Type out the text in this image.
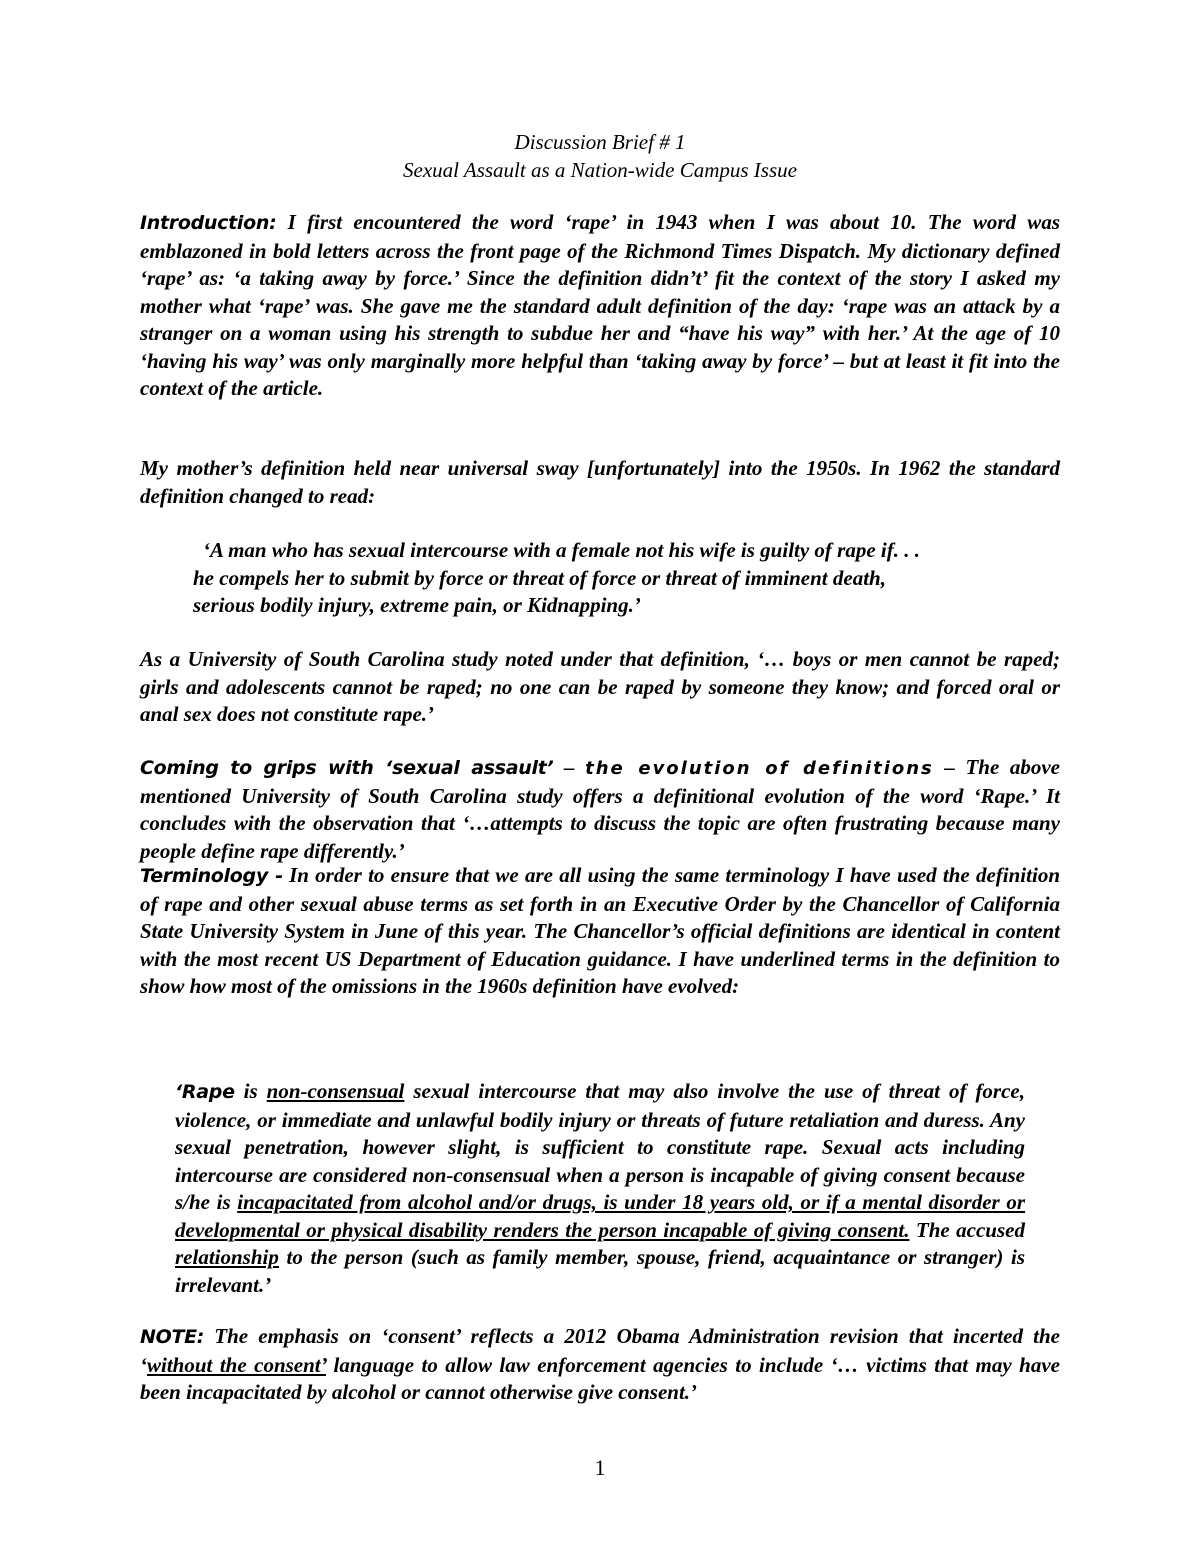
Discussion Brief # 1
Sexual Assault as a Nation-wide Campus Issue

Introduction: I first encountered the word ‘rape’ in 1943 when I was about 10. The word was emblazoned in bold letters across the front page of the Richmond Times Dispatch. My dictionary defined ‘rape’ as: ‘a taking away by force.’ Since the definition didn’t’ fit the context of the story I asked my mother what ‘rape’ was. She gave me the standard adult definition of the day: ‘rape was an attack by a stranger on a woman using his strength to subdue her and “have his way” with her.’ At the age of 10 ‘having his way’ was only marginally more helpful than ‘taking away by force’ – but at least it fit into the context of the article.

My mother’s definition held near universal sway [unfortunately] into the 1950s. In 1962 the standard definition changed to read:

‘A man who has sexual intercourse with a female not his wife is guilty of rape if. . .
he compels her to submit by force or threat of force or threat of imminent death,
serious bodily injury, extreme pain, or Kidnapping.’

As a University of South Carolina study noted under that definition, ‘… boys or men cannot be raped; girls and adolescents cannot be raped; no one can be raped by someone they know; and forced oral or anal sex does not constitute rape.’

Coming to grips with ‘sexual assault’ – the evolution of definitions – The above mentioned University of South Carolina study offers a definitional evolution of the word ‘Rape.’ It concludes with the observation that ‘…attempts to discuss the topic are often frustrating because many people define rape differently.’

Terminology - In order to ensure that we are all using the same terminology I have used the definition of rape and other sexual abuse terms as set forth in an Executive Order by the Chancellor of California State University System in June of this year. The Chancellor’s official definitions are identical in content with the most recent US Department of Education guidance. I have underlined terms in the definition to show how most of the omissions in the 1960s definition have evolved:

‘Rape is non-consensual sexual intercourse that may also involve the use of threat of force, violence, or immediate and unlawful bodily injury or threats of future retaliation and duress. Any sexual penetration, however slight, is sufficient to constitute rape. Sexual acts including intercourse are considered non-consensual when a person is incapable of giving consent because s/he is incapacitated from alcohol and/or drugs, is under 18 years old, or if a mental disorder or developmental or physical disability renders the person incapable of giving consent. The accused relationship to the person (such as family member, spouse, friend, acquaintance or stranger) is irrelevant.’

NOTE: The emphasis on ‘consent’ reflects a 2012 Obama Administration revision that incerted the ‘without the consent’ language to allow law enforcement agencies to include ‘… victims that may have been incapacitated by alcohol or cannot otherwise give consent.’

1
